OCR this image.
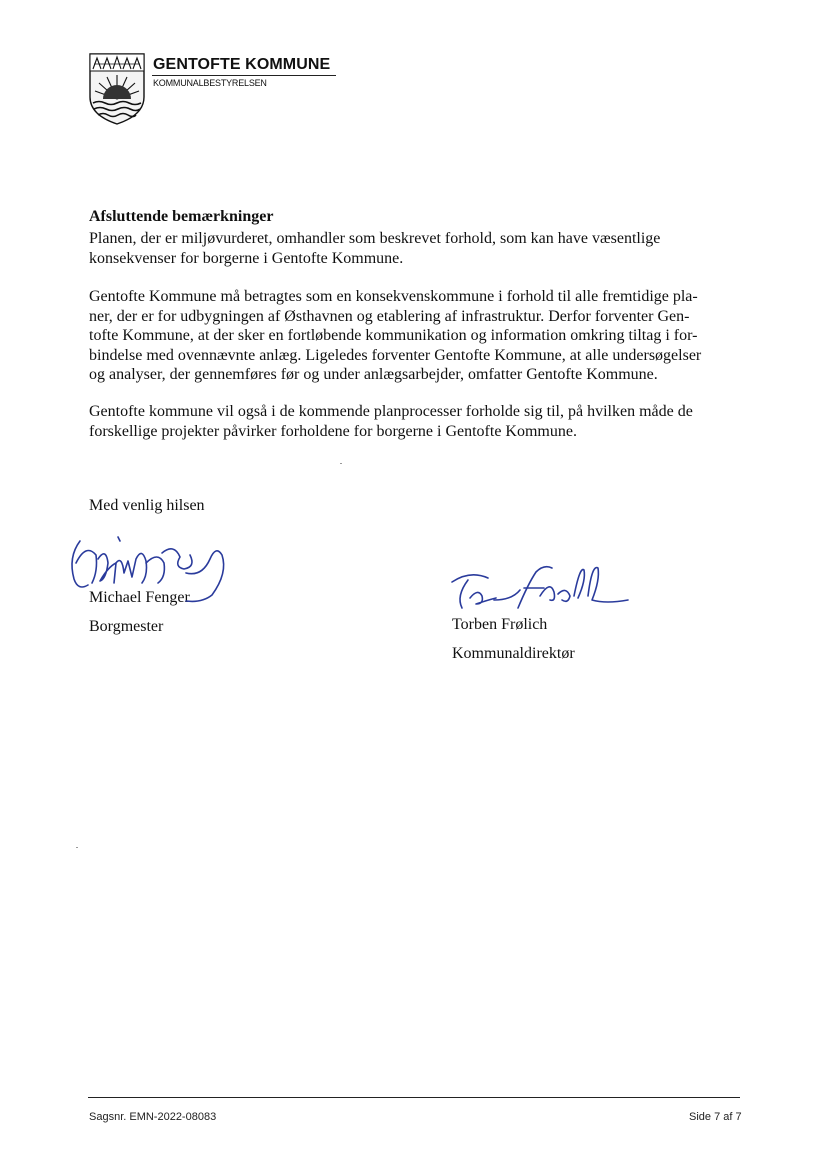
GENTOFTE KOMMUNE
KOMMUNALBESTYRELSEN
Afsluttende bemærkninger

Planen, der er miljøvurderet, omhandler som beskrevet forhold, som kan have væsentlige
konsekvenser for borgerne i Gentofte Kommune.

Gentofte Kommune må betragtes som en konsekvenskommune i forhold til alle fremtidige pla-
ner, der er for udbygningen af Østhavnen og etablering af infrastruktur. Derfor forventer Gen-
tofte Kommune, at der sker en fortløbende kommunikation og information omkring tiltag i for-
bindelse med ovennævnte anlæg. Ligeledes forventer Gentofte Kommune, at alle undersøgelser
og analyser, der gennemføres før og under anlægsarbejder, omfatter Gentofte Kommune.

Gentofte kommune vil også i de kommende planprocesser forholde sig til, på hvilken måde de
forskellige projekter påvirker forholdene for borgerne i Gentofte Kommune.

Med venlig hilsen
Michael Fenger
Borgmester	Torben Frølich
Kommunaldirektør
Sagsnr. EMN-2022-08083	Side 7 af 7
